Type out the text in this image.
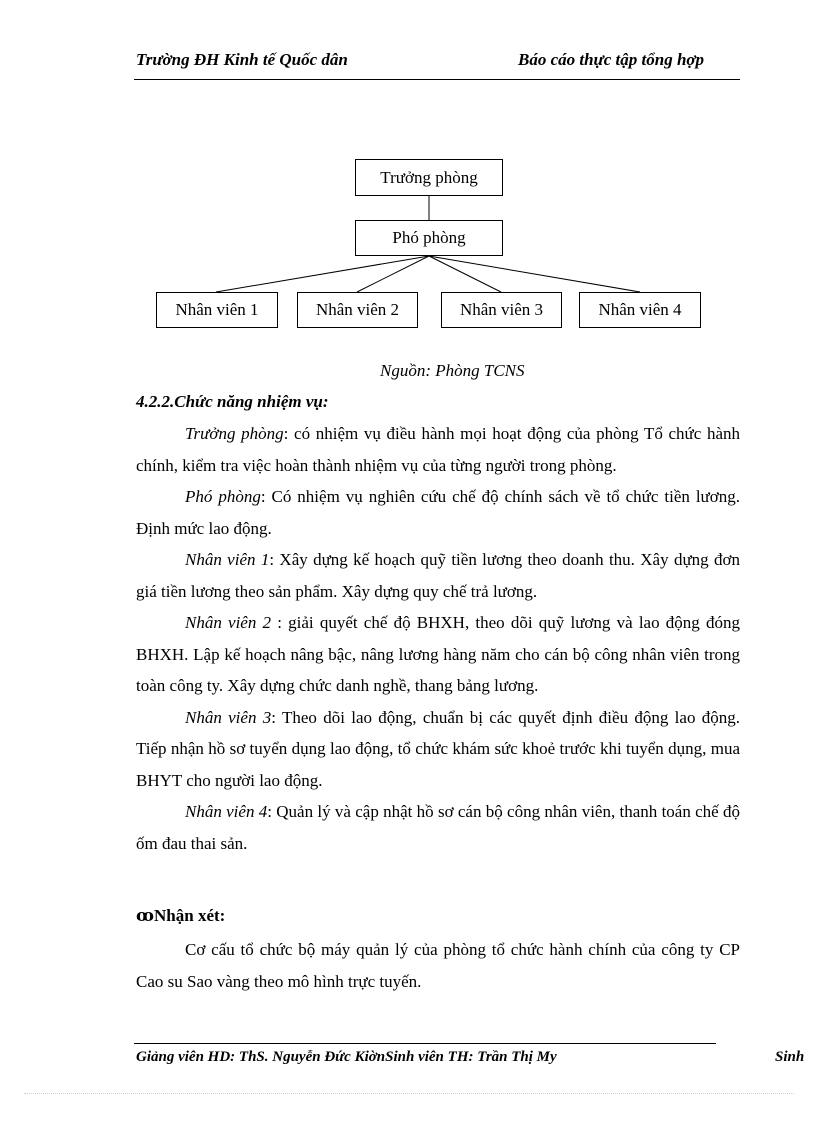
Trường ĐH Kinh tế Quốc dân	Báo cáo thực tập tổng hợp
Trưởng phòng
Phó phòng
Nhân viên 1	Nhân viên 2	Nhân viên 3	Nhân viên 4
Nguồn: Phòng TCNS
4.2.2.Chức năng nhiệm vụ:

Trưởng phòng: có nhiệm vụ điều hành mọi hoạt động của phòng Tổ chức hành chính, kiểm tra việc hoàn thành nhiệm vụ của từng người trong phòng.

Phó phòng: Có nhiệm vụ nghiên cứu chế độ chính sách về tổ chức tiền lương. Định mức lao động.

Nhân viên 1: Xây dựng kế hoạch quỹ tiền lương theo doanh thu. Xây dựng đơn giá tiền lương theo sản phẩm. Xây dựng quy chế trả lương.

Nhân viên 2 : giải quyết chế độ BHXH, theo dõi quỹ lương và lao động đóng BHXH. Lập kế hoạch nâng bậc, nâng lương hàng năm cho cán bộ công nhân viên trong toàn công ty. Xây dựng chức danh nghề, thang bảng lương.

Nhân viên 3: Theo dõi lao động, chuẩn bị các quyết định điều động lao động. Tiếp nhận hồ sơ tuyển dụng lao động, tổ chức khám sức khoẻ trước khi tuyển dụng, mua BHYT cho người lao động.

Nhân viên 4: Quản lý và cập nhật hồ sơ cán bộ công nhân viên, thanh toán chế độ ốm đau thai sản.

ꝏNhận xét:

Cơ cấu tổ chức bộ máy quản lý của phòng tổ chức hành chính của công ty CP Cao su Sao vàng theo mô hình trực tuyến.

Giảng viên HD: ThS. Nguyễn Đức KiờnSinh viên TH: Trần Thị My	Sinh
